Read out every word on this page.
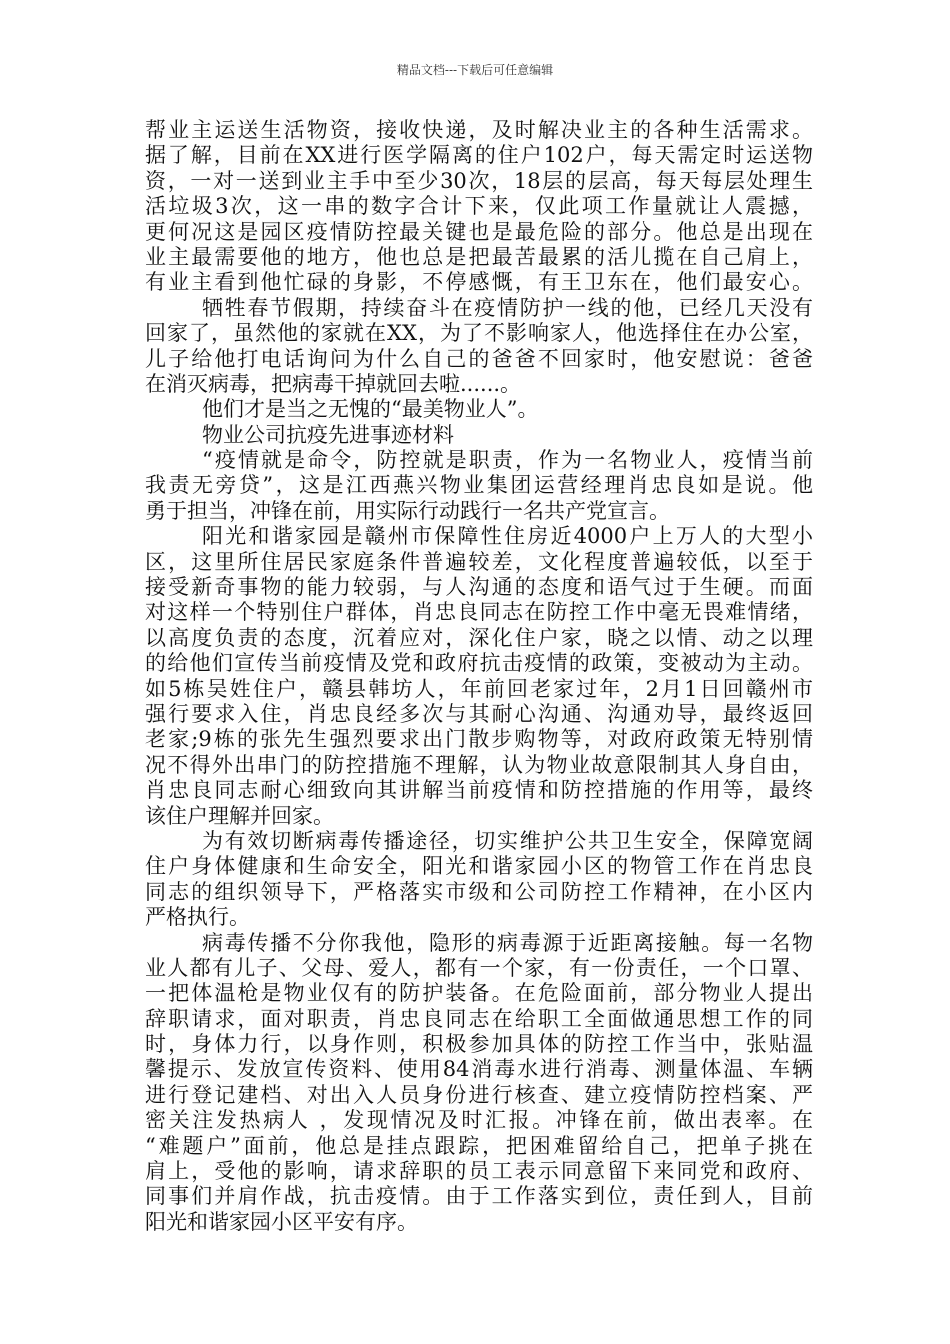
精品文档---下载后可任意编辑
帮业主运送生活物资，接收快递，及时解决业主的各种生活需求。
据了解，目前在XX进行医学隔离的住户102户，每天需定时运送物
资，一对一送到业主手中至少30次，18层的层高，每天每层处理生
活垃圾3次，这一串的数字合计下来，仅此项工作量就让人震撼，
更何况这是园区疫情防控最关键也是最危险的部分。他总是出现在
业主最需要他的地方，他也总是把最苦最累的活儿揽在自己肩上，
有业主看到他忙碌的身影，不停感慨，有王卫东在，他们最安心。
牺牲春节假期，持续奋斗在疫情防护一线的他，已经几天没有
回家了，虽然他的家就在XX，为了不影响家人，他选择住在办公室，
儿子给他打电话询问为什么自己的爸爸不回家时，他安慰说：爸爸
在消灭病毒，把病毒干掉就回去啦......。
他们才是当之无愧的“最美物业人”。
物业公司抗疫先进事迹材料
“疫情就是命令，防控就是职责，作为一名物业人，疫情当前
我责无旁贷”，这是江西燕兴物业集团运营经理肖忠良如是说。他
勇于担当，冲锋在前，用实际行动践行一名共产党宣言。
阳光和谐家园是赣州市保障性住房近4000户上万人的大型小
区，这里所住居民家庭条件普遍较差，文化程度普遍较低，以至于
接受新奇事物的能力较弱，与人沟通的态度和语气过于生硬。而面
对这样一个特别住户群体，肖忠良同志在防控工作中毫无畏难情绪，
以高度负责的态度，沉着应对，深化住户家，晓之以情、动之以理
的给他们宣传当前疫情及党和政府抗击疫情的政策，变被动为主动。
如5栋吴姓住户，赣县韩坊人，年前回老家过年，2月1日回赣州市
强行要求入住，肖忠良经多次与其耐心沟通、沟通劝导，最终返回
老家;9栋的张先生强烈要求出门散步购物等，对政府政策无特别情
况不得外出串门的防控措施不理解，认为物业故意限制其人身自由，
肖忠良同志耐心细致向其讲解当前疫情和防控措施的作用等，最终
该住户理解并回家。
为有效切断病毒传播途径，切实维护公共卫生安全，保障宽阔
住户身体健康和生命安全，阳光和谐家园小区的物管工作在肖忠良
同志的组织领导下，严格落实市级和公司防控工作精神，在小区内
严格执行。
病毒传播不分你我他，隐形的病毒源于近距离接触。每一名物
业人都有儿子、父母、爱人，都有一个家，有一份责任，一个口罩、
一把体温枪是物业仅有的防护装备。在危险面前，部分物业人提出
辞职请求，面对职责，肖忠良同志在给职工全面做通思想工作的同
时，身体力行，以身作则，积极参加具体的防控工作当中，张贴温
馨提示、发放宣传资料、使用84消毒水进行消毒、测量体温、车辆
进行登记建档、对出入人员身份进行核查、建立疫情防控档案、严
密关注发热病人 ，发现情况及时汇报。冲锋在前，做出表率。在
“难题户”面前，他总是挂点跟踪，把困难留给自己，把单子挑在
肩上，受他的影响，请求辞职的员工表示同意留下来同党和政府、
同事们并肩作战，抗击疫情。由于工作落实到位，责任到人，目前
阳光和谐家园小区平安有序。
